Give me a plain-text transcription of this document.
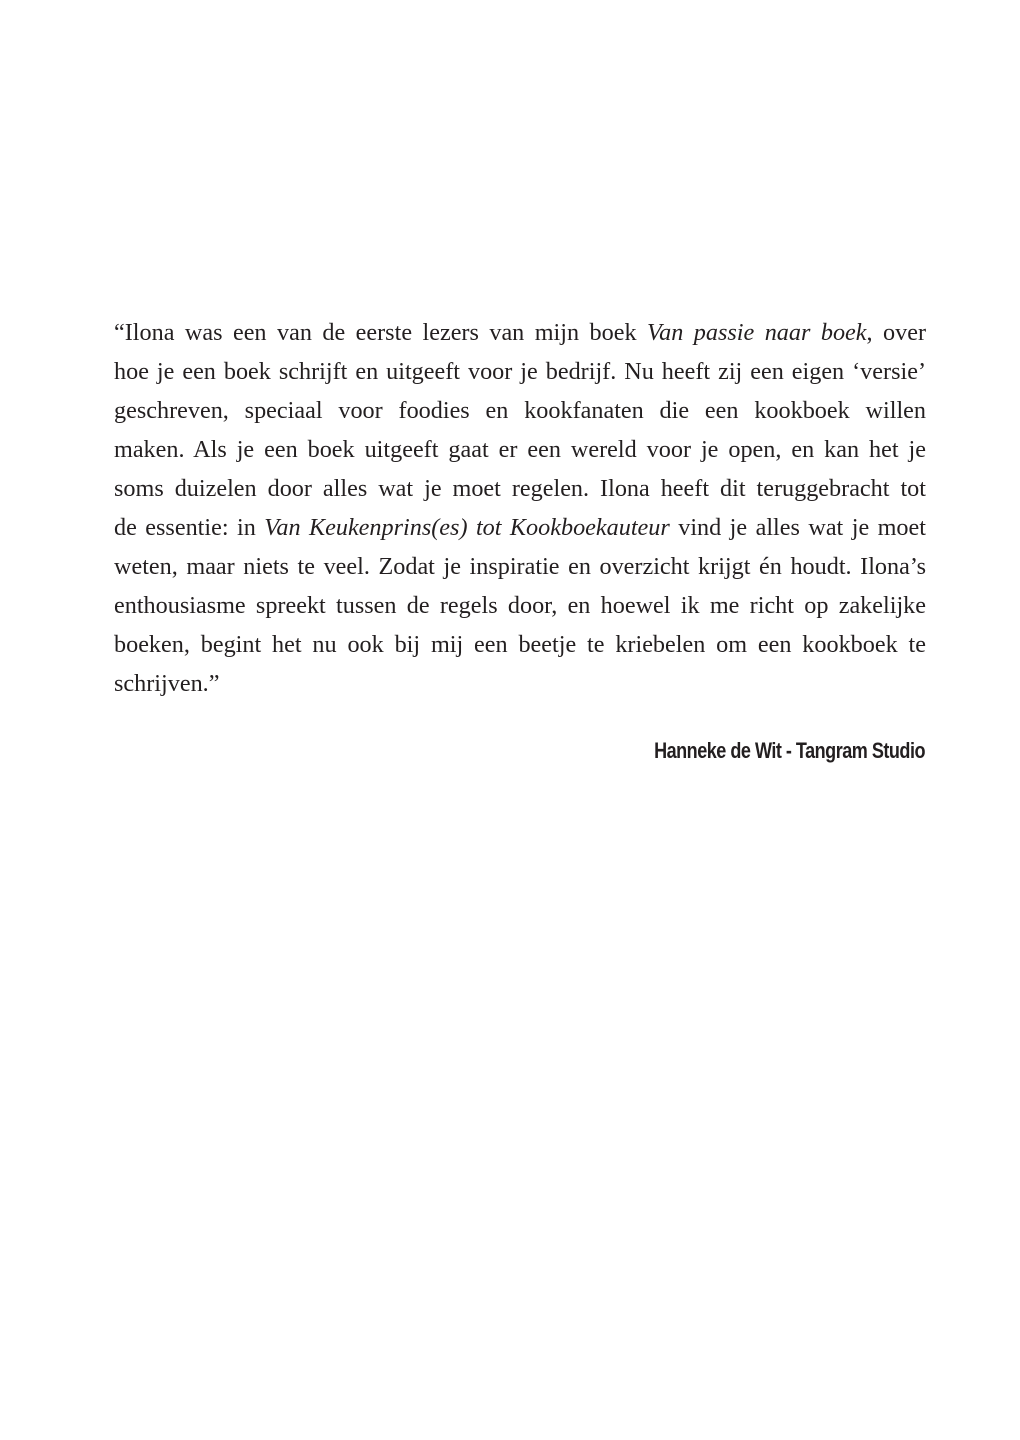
“Ilona was een van de eerste lezers van mijn boek Van passie naar boek, over
hoe je een boek schrijft en uitgeeft voor je bedrijf. Nu heeft zij een eigen ‘versie’
geschreven, speciaal voor foodies en kookfanaten die een kookboek willen
maken. Als je een boek uitgeeft gaat er een wereld voor je open, en kan het je
soms duizelen door alles wat je moet regelen. Ilona heeft dit teruggebracht tot
de essentie: in Van Keukenprins(es) tot Kookboekauteur vind je alles wat je moet
weten, maar niets te veel. Zodat je inspiratie en overzicht krijgt én houdt. Ilona’s
enthousiasme spreekt tussen de regels door, en hoewel ik me richt op zakelijke
boeken, begint het nu ook bij mij een beetje te kriebelen om een kookboek te
schrijven.”
Hanneke de Wit - Tangram Studio
